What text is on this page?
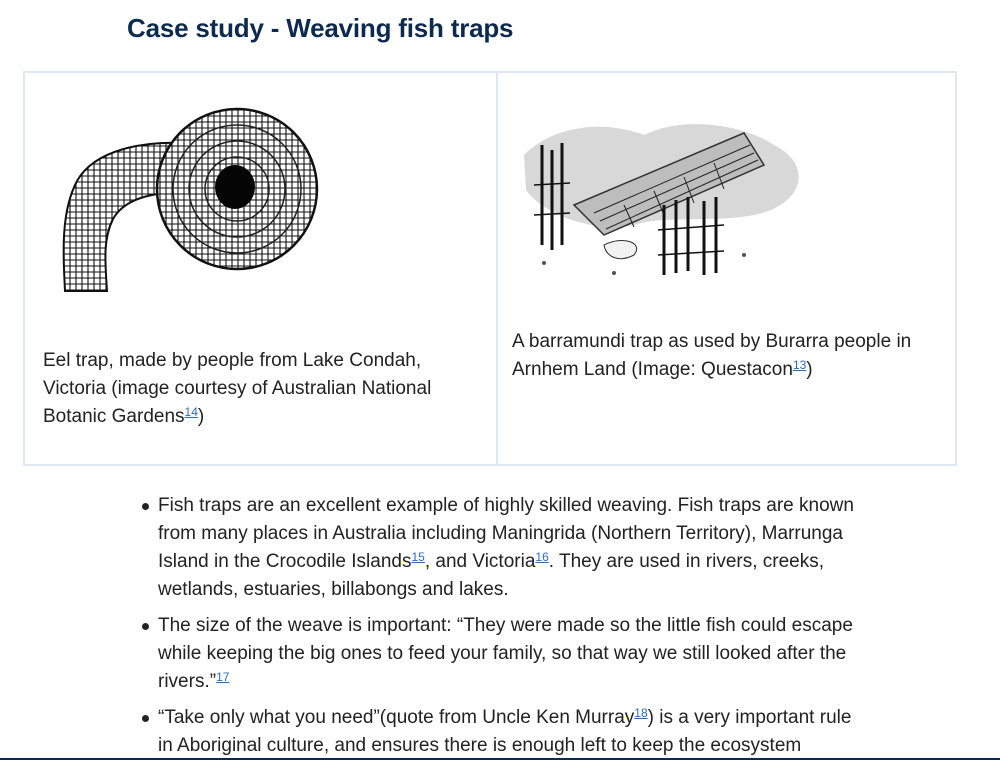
Case study - Weaving fish traps

Eel trap, made by people from Lake Condah, Victoria (image courtesy of Australian National Botanic Gardens$^{14}$)

A barramundi trap as used by Burarra people in Arnhem Land (Image: Questacon$^{13}$)

Fish traps are an excellent example of highly skilled weaving. Fish traps are known from many places in Australia including Maningrida (Northern Territory), Marrunga Island in the Crocodile Islands$^{15}$, and Victoria$^{16}$. They are used in rivers, creeks, wetlands, estuaries, billabongs and lakes.
The size of the weave is important: “They were made so the little fish could escape while keeping the big ones to feed your family, so that way we still looked after the rivers.”$^{17}$
“Take only what you need”(quote from Uncle Ken Murray$^{18}$) is a very important rule in Aboriginal culture, and ensures there is enough left to keep the ecosystem
